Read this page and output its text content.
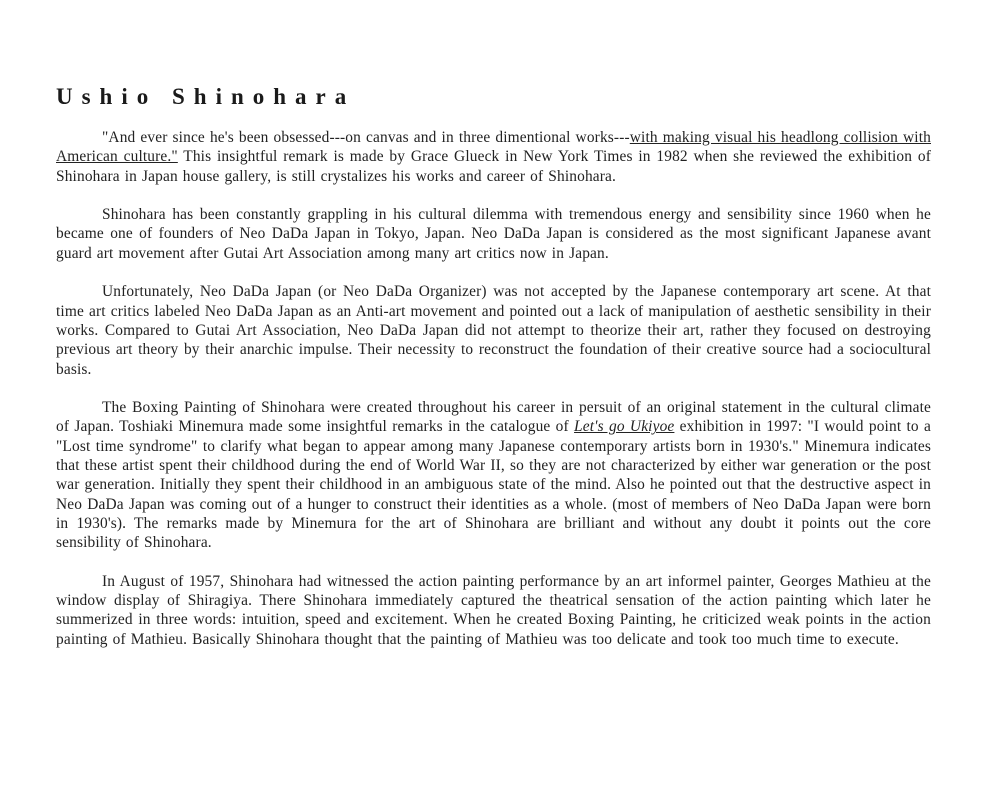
Ushio Shinohara

"And ever since he's been obsessed---on canvas and in three dimentional works---with making visual his headlong collision with American culture." This insightful remark is made by Grace Glueck in New York Times in 1982 when she reviewed the exhibition of Shinohara in Japan house gallery, is still crystalizes his works and career of Shinohara.

Shinohara has been constantly grappling in his cultural dilemma with tremendous energy and sensibility since 1960 when he became one of founders of Neo DaDa Japan in Tokyo, Japan. Neo DaDa Japan is considered as the most significant Japanese avant guard art movement after Gutai Art Association among many art critics now in Japan.

Unfortunately, Neo DaDa Japan (or Neo DaDa Organizer) was not accepted by the Japanese contemporary art scene. At that time art critics labeled Neo DaDa Japan as an Anti-art movement and pointed out a lack of manipulation of aesthetic sensibility in their works. Compared to Gutai Art Association, Neo DaDa Japan did not attempt to theorize their art, rather they focused on destroying previous art theory by their anarchic impulse. Their necessity to reconstruct the foundation of their creative source had a sociocultural basis.

The Boxing Painting of Shinohara were created throughout his career in persuit of an original statement in the cultural climate of Japan. Toshiaki Minemura made some insightful remarks in the catalogue of Let's go Ukiyoe exhibition in 1997: "I would point to a "Lost time syndrome" to clarify what began to appear among many Japanese contemporary artists born in 1930's." Minemura indicates that these artist spent their childhood during the end of World War II, so they are not characterized by either war generation or the post war generation. Initially they spent their childhood in an ambiguous state of the mind. Also he pointed out that the destructive aspect in Neo DaDa Japan was coming out of a hunger to construct their identities as a whole. (most of members of Neo DaDa Japan were born in 1930's). The remarks made by Minemura for the art of Shinohara are brilliant and without any doubt it points out the core sensibility of Shinohara.

In August of 1957, Shinohara had witnessed the action painting performance by an art informel painter, Georges Mathieu at the window display of Shiragiya. There Shinohara immediately captured the theatrical sensation of the action painting which later he summerized in three words: intuition, speed and excitement. When he created Boxing Painting, he criticized weak points in the action painting of Mathieu. Basically Shinohara thought that the painting of Mathieu was too delicate and took too much time to execute.
